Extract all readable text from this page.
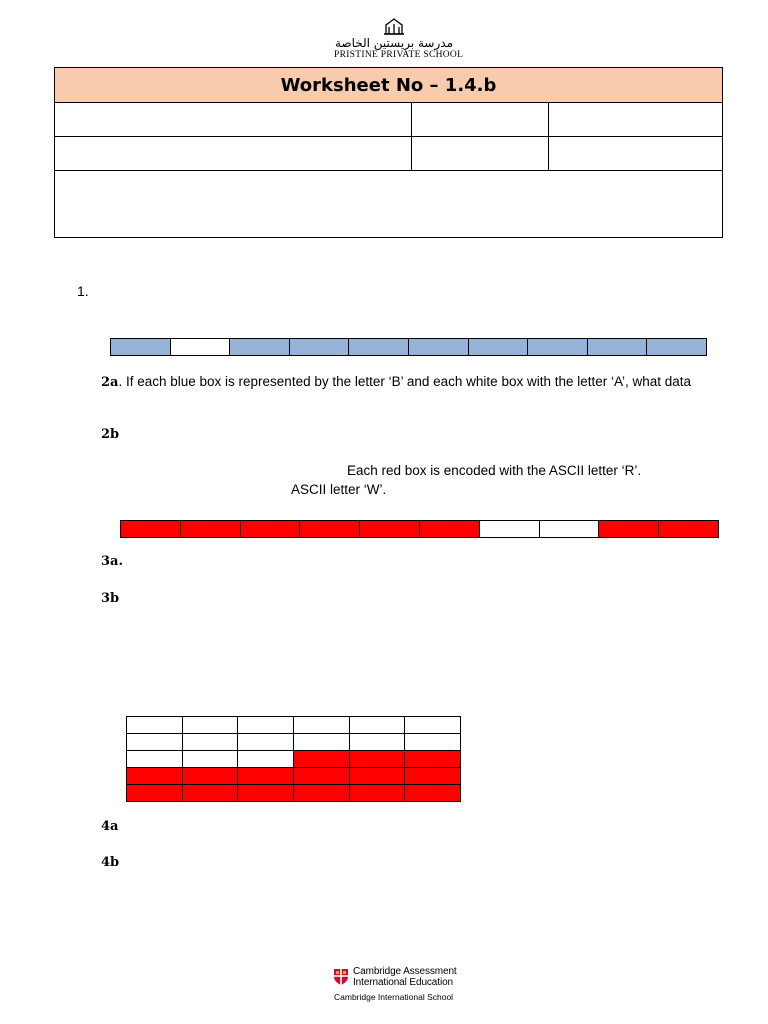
مدرسة بريستين الخاصة
PRISTINE PRIVATE SCHOOL
Worksheet No – 1.4.b		

1.
2a. If each blue box is represented by the letter ‘B’ and each white box with the letter ‘A’, what data
2b
Each red box is encoded with the ASCII letter ‘R’.
ASCII letter ‘W’.
3a.
3b

4a
4b
Cambridge Assessment
International Education
Cambridge International School
